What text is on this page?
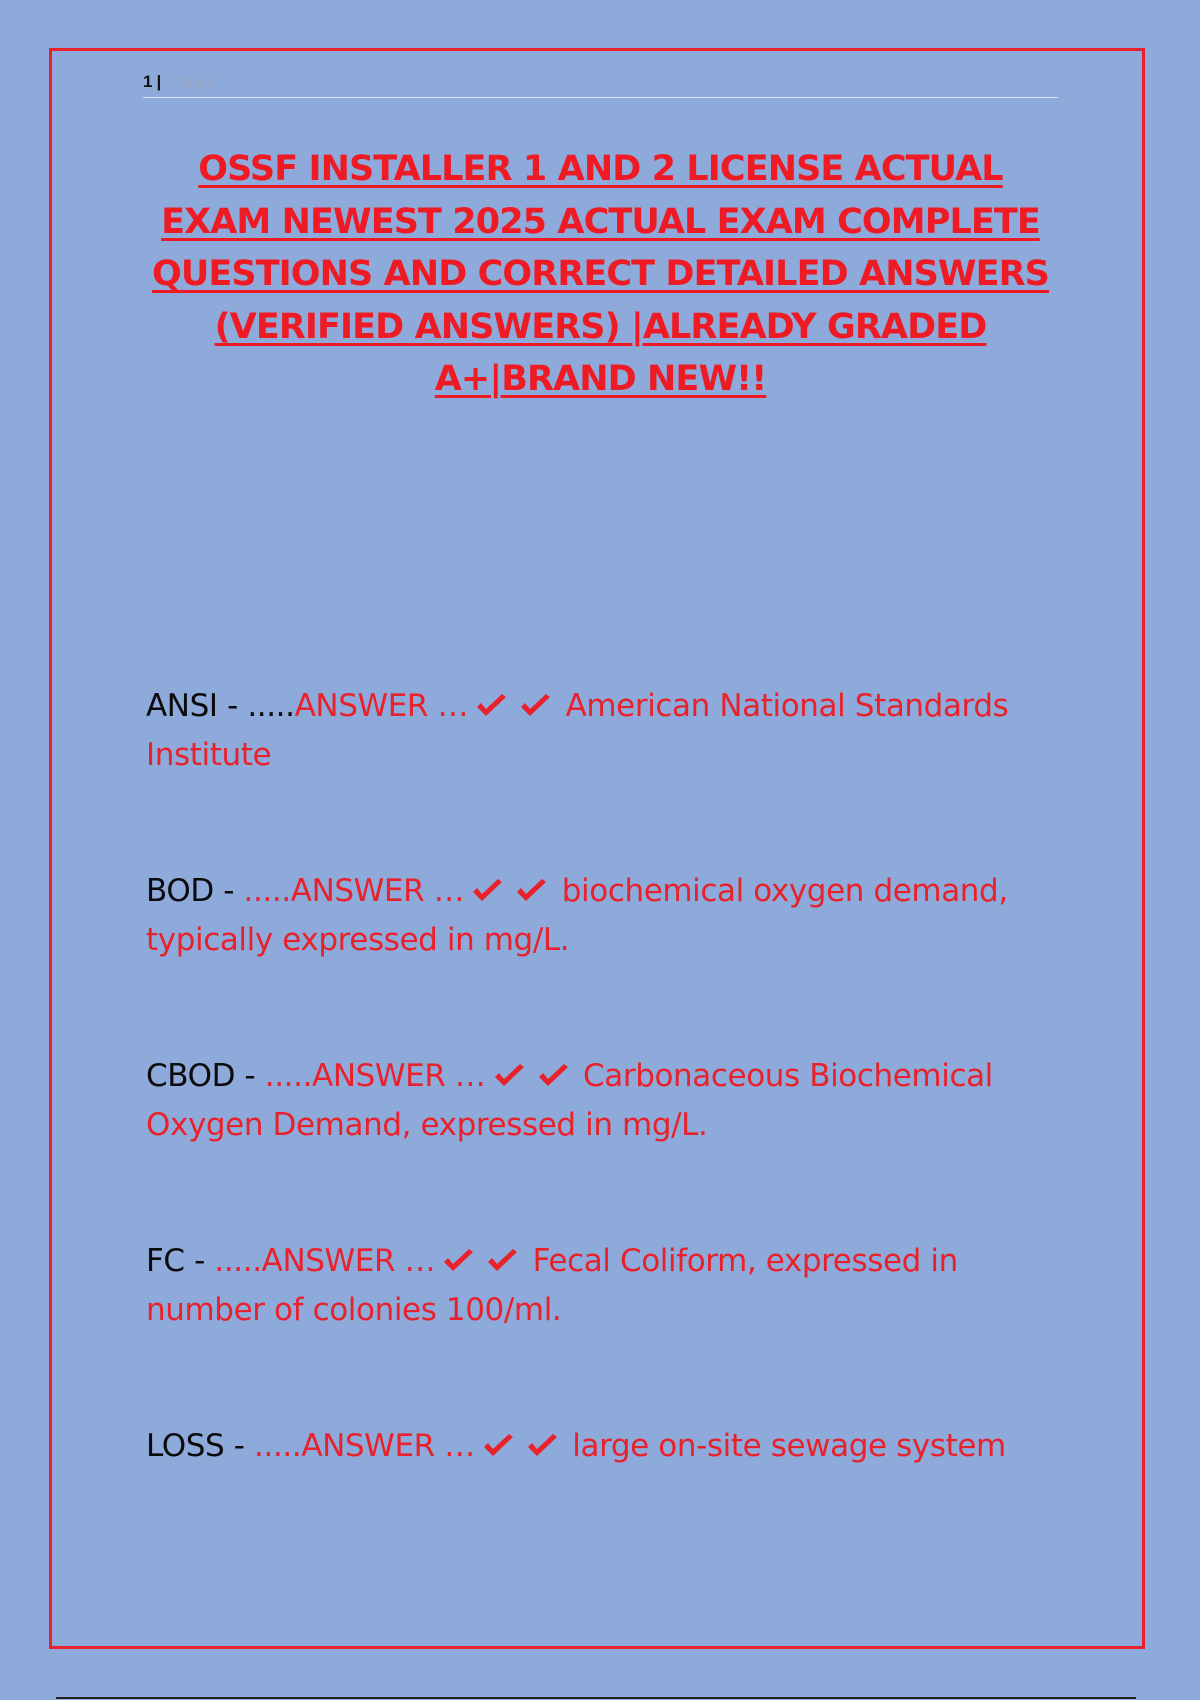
1 | Page
OSSF INSTALLER 1 AND 2 LICENSE ACTUAL
EXAM NEWEST 2025 ACTUAL EXAM COMPLETE
QUESTIONS AND CORRECT DETAILED ANSWERS
(VERIFIED ANSWERS) |ALREADY GRADED
A+|BRAND NEW!!

ANSI - .....ANSWER …	American National Standards Institute

BOD - .....ANSWER …	biochemical oxygen demand, typically expressed in mg/L.

CBOD - .....ANSWER …	Carbonaceous Biochemical Oxygen Demand, expressed in mg/L.

FC - .....ANSWER …	Fecal Coliform, expressed in number of colonies 100/ml.

LOSS - .....ANSWER …	large on-site sewage system
